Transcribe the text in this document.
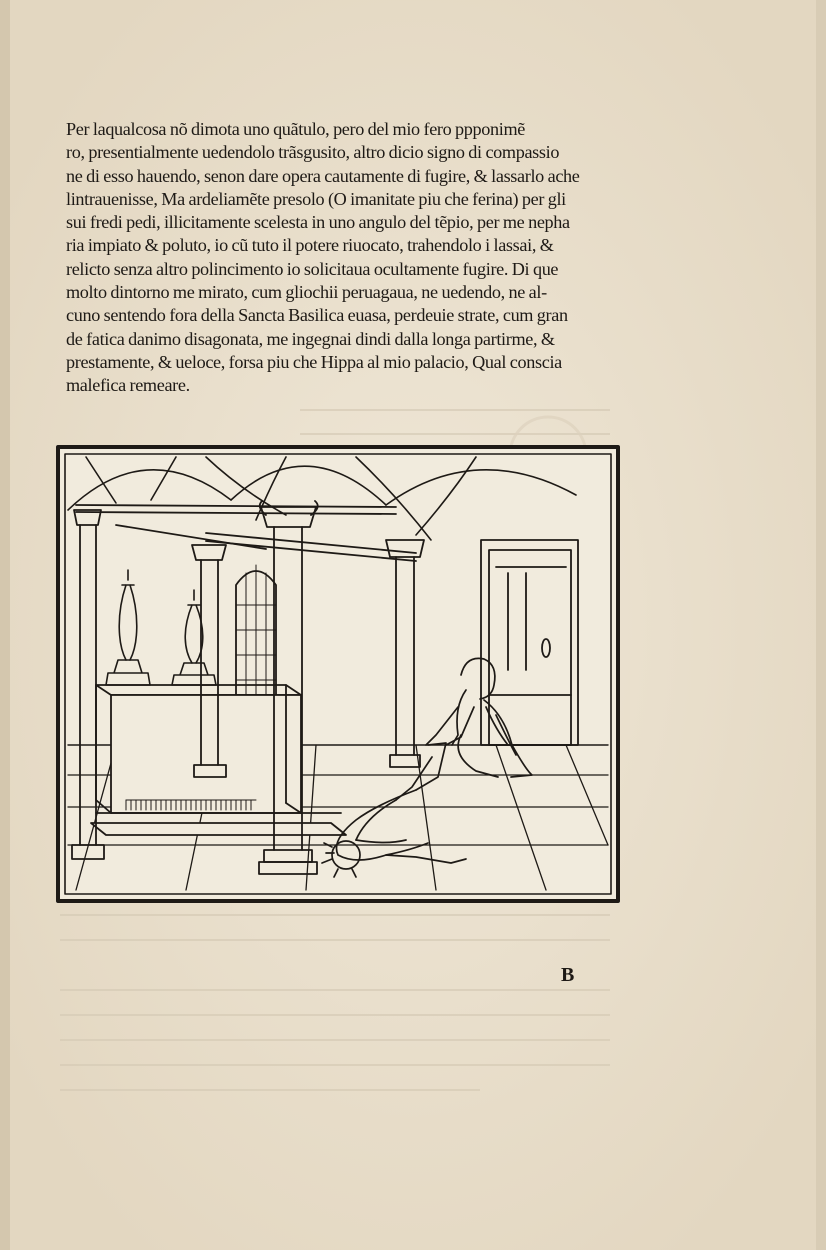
Per laqualcosa nõ dimota uno quãtulo, pero del mio fero ppponimẽ
ro, presentialmente uedendolo trãsgusito, altro dicio signo di compassio
ne di esso hauendo, senon dare opera cautamente di fugire, & lassarlo ache
lintrauenisse, Ma ardeliamẽte presolo (O imanitate piu che ferina) per gli
sui fredi pedi, illicitamente scelesta in uno angulo del tẽpio, per me nepha
ria impiato & poluto, io cũ tuto il potere riuocato, trahendolo i lassai, &
relicto senza altro polincimento io solicitaua ocultamente fugire. Di que
molto dintorno me mirato, cum gliochii peruagaua, ne uedendo, ne al-
cuno sentendo fora della Sancta Basilica euasa, perdeuie strate, cum gran
de fatica danimo disagonata, me ingegnai dindi dalla longa partirme, &
prestamente, & ueloce, forsa piu che Hippa al mio palacio, Qual conscia
malefica remeare.
B
